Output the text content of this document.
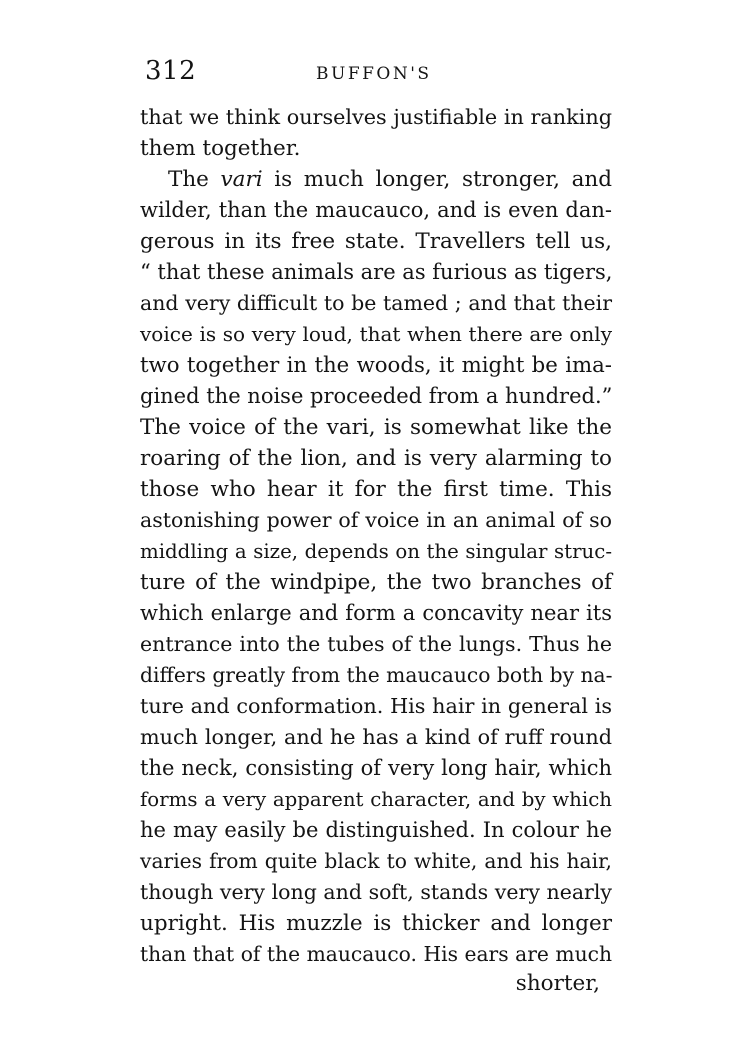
312	BUFFON'S
that we think ourselves justifiable in ranking
them together.
The vari is much longer, stronger, and
wilder, than the maucauco, and is even dan-
gerous in its free state. Travellers tell us,
“ that these animals are as furious as tigers,
and very difficult to be tamed ; and that their
voice is so very loud, that when there are only
two together in the woods, it might be ima-
gined the noise proceeded from a hundred.”
The voice of the vari, is somewhat like the
roaring of the lion, and is very alarming to
those who hear it for the first time. This
astonishing power of voice in an animal of so
middling a size, depends on the singular struc-
ture of the windpipe, the two branches of
which enlarge and form a concavity near its
entrance into the tubes of the lungs. Thus he
differs greatly from the maucauco both by na-
ture and conformation. His hair in general is
much longer, and he has a kind of ruff round
the neck, consisting of very long hair, which
forms a very apparent character, and by which
he may easily be distinguished. In colour he
varies from quite black to white, and his hair,
though very long and soft, stands very nearly
upright. His muzzle is thicker and longer
than that of the maucauco. His ears are much
shorter,
